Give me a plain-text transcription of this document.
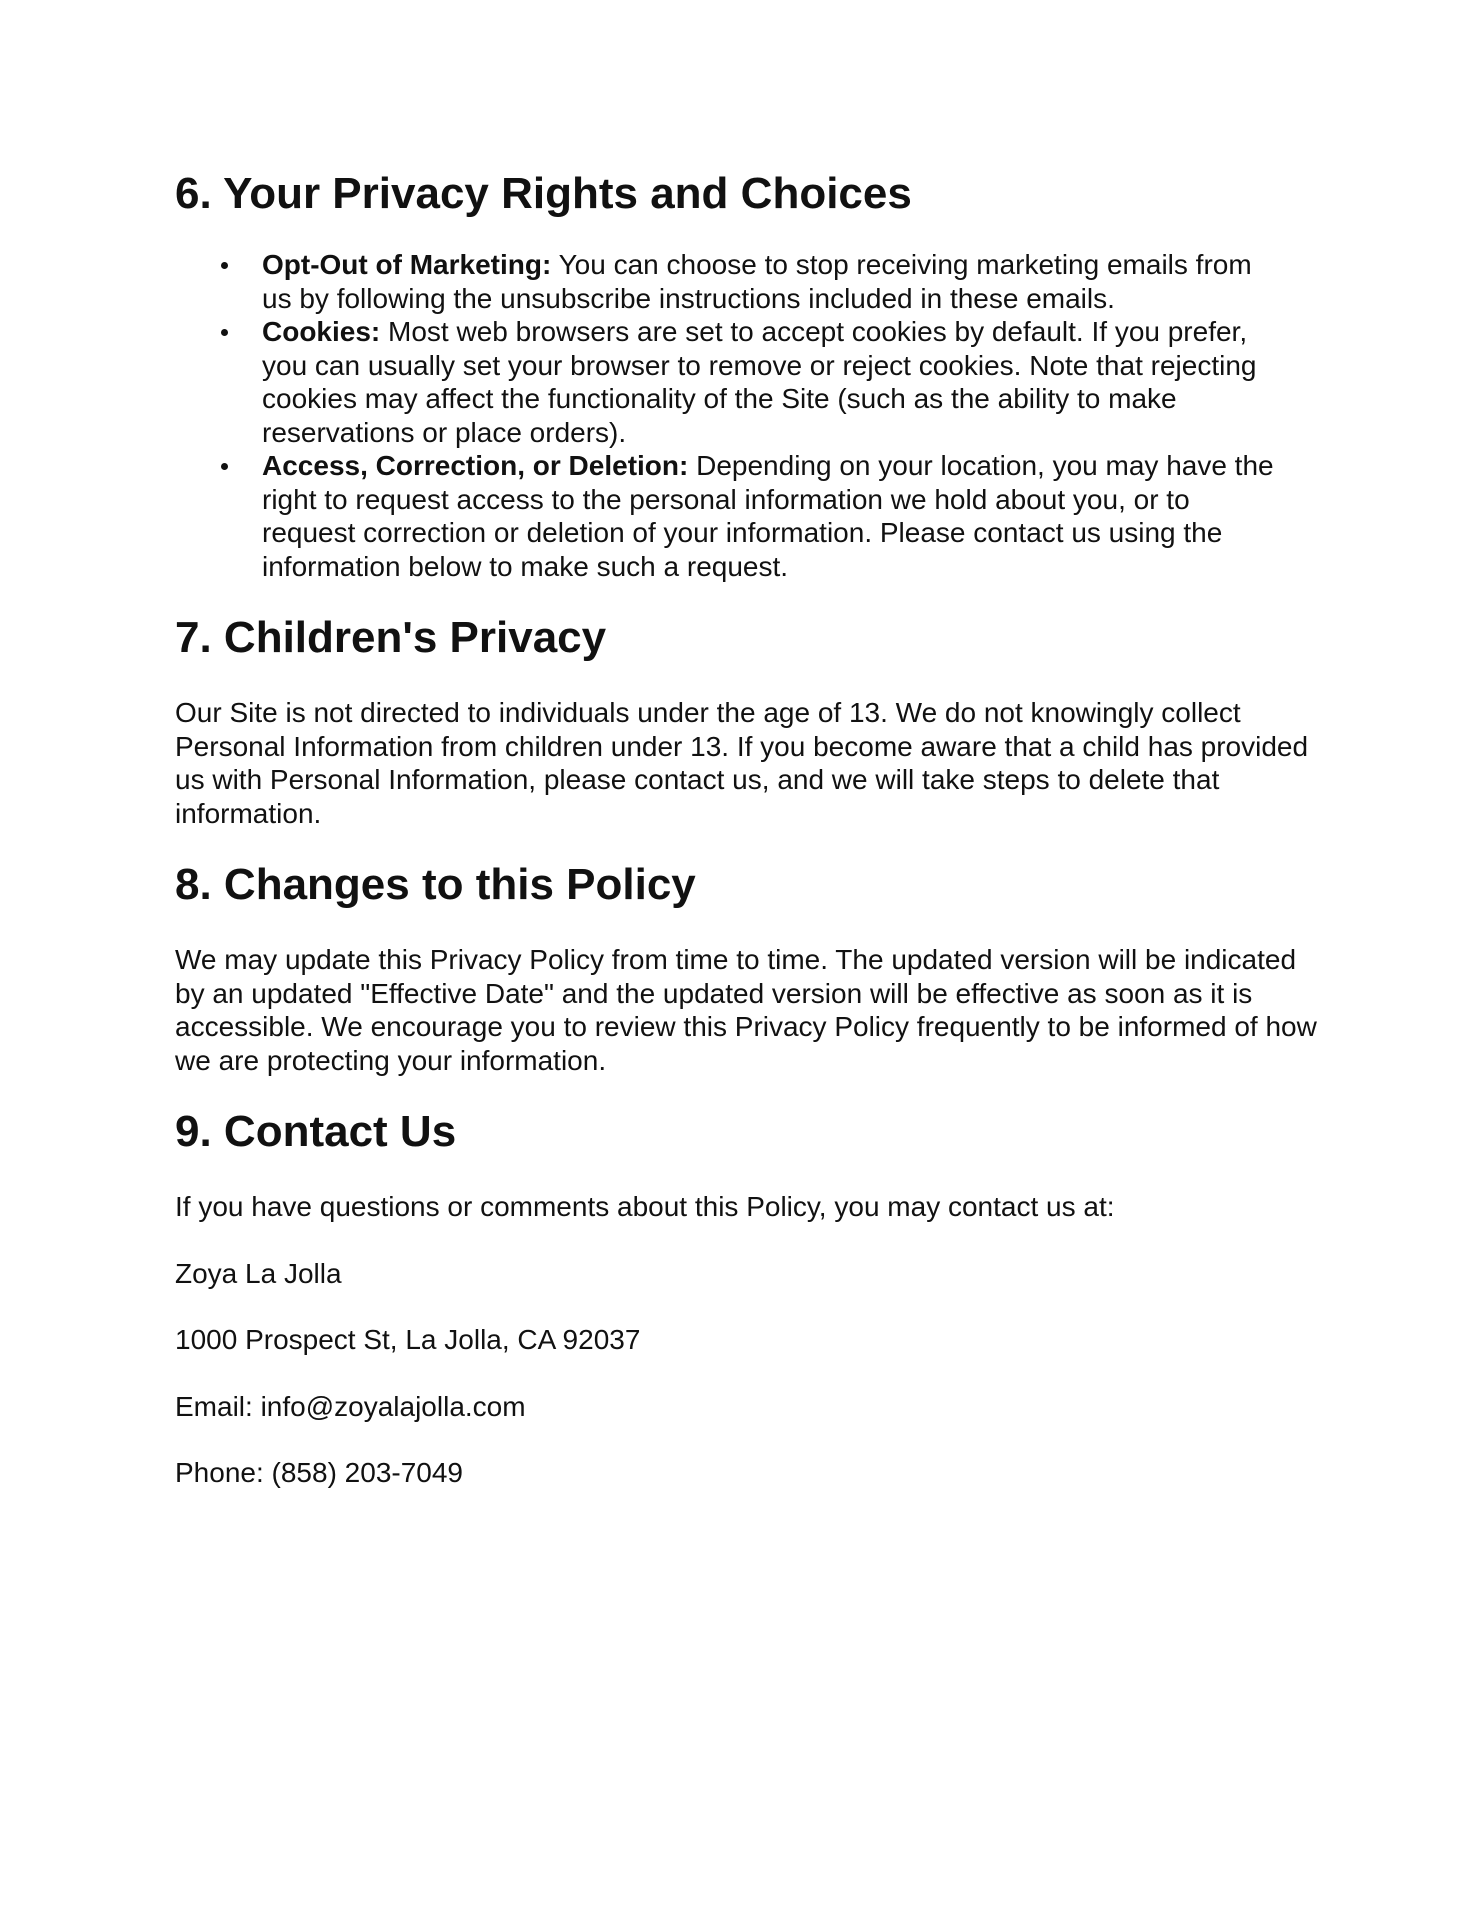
6. Your Privacy Rights and Choices
Opt-Out of Marketing: You can choose to stop receiving marketing emails from us by following the unsubscribe instructions included in these emails.
Cookies: Most web browsers are set to accept cookies by default. If you prefer, you can usually set your browser to remove or reject cookies. Note that rejecting cookies may affect the functionality of the Site (such as the ability to make reservations or place orders).
Access, Correction, or Deletion: Depending on your location, you may have the right to request access to the personal information we hold about you, or to request correction or deletion of your information. Please contact us using the information below to make such a request.
7. Children's Privacy

Our Site is not directed to individuals under the age of 13. We do not knowingly collect Personal Information from children under 13. If you become aware that a child has provided us with Personal Information, please contact us, and we will take steps to delete that information.

8. Changes to this Policy

We may update this Privacy Policy from time to time. The updated version will be indicated by an updated "Effective Date" and the updated version will be effective as soon as it is accessible. We encourage you to review this Privacy Policy frequently to be informed of how we are protecting your information.

9. Contact Us

If you have questions or comments about this Policy, you may contact us at:

Zoya La Jolla

1000 Prospect St, La Jolla, CA 92037

Email: info@zoyalajolla.com

Phone: (858) 203-7049
